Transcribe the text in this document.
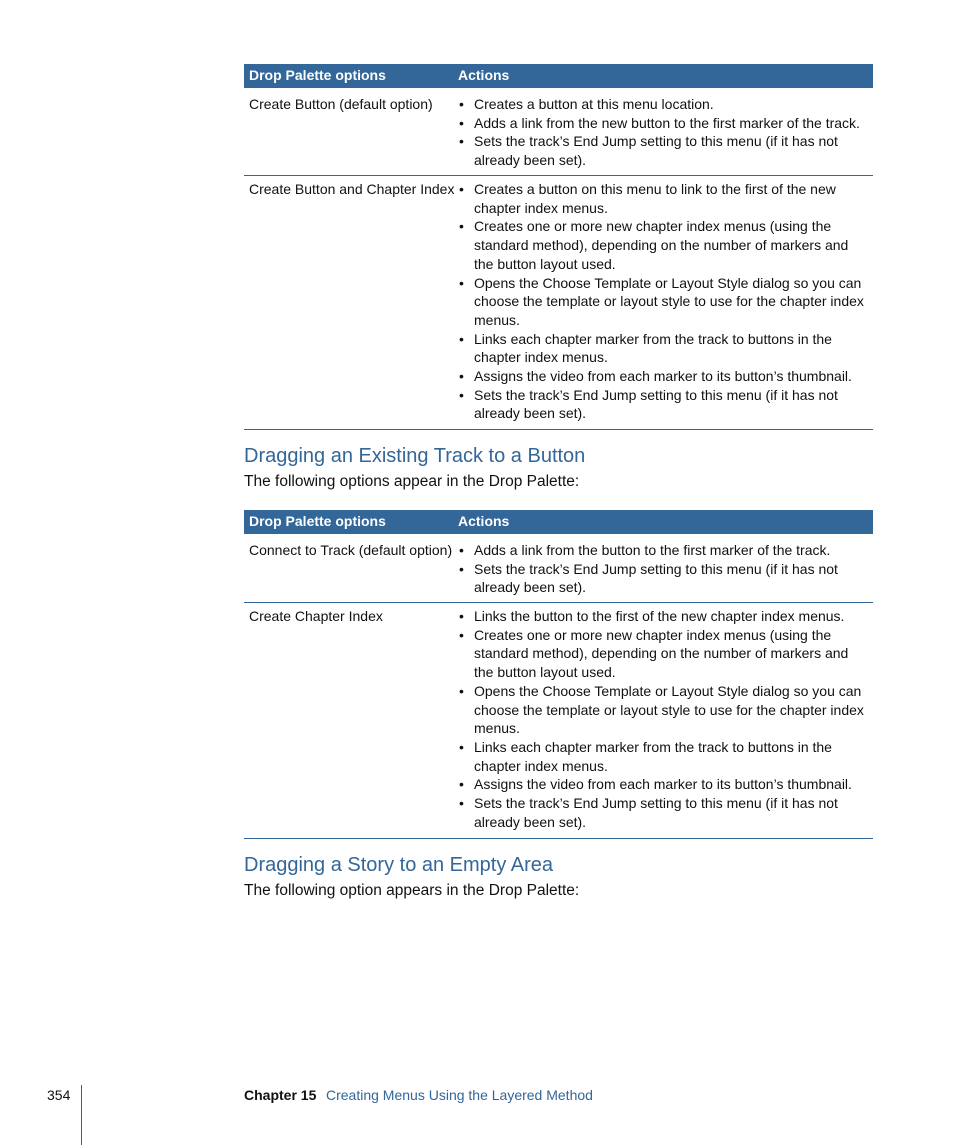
Drop Palette options	Actions
Create Button (default option) • Creates a button at this menu location.
• Adds a link from the new button to the first marker of the track.
• Sets the track’s End Jump setting to this menu (if it has not
already been set).
Create Button and Chapter Index • Creates a button on this menu to link to the first of the new
chapter index menus.
• Creates one or more new chapter index menus (using the
standard method), depending on the number of markers and
the button layout used.
• Opens the Choose Template or Layout Style dialog so you can
choose the template or layout style to use for the chapter index
menus.
• Links each chapter marker from the track to buttons in the
chapter index menus.
• Assigns the video from each marker to its button’s thumbnail.
• Sets the track’s End Jump setting to this menu (if it has not
already been set).
Dragging an Existing Track to a Button
The following options appear in the Drop Palette:
Drop Palette options	Actions
Connect to Track (default option) • Adds a link from the button to the first marker of the track.
• Sets the track’s End Jump setting to this menu (if it has not
already been set).
Create Chapter Index	• Links the button to the first of the new chapter index menus.
• Creates one or more new chapter index menus (using the
standard method), depending on the number of markers and
the button layout used.
• Opens the Choose Template or Layout Style dialog so you can
choose the template or layout style to use for the chapter index
menus.
• Links each chapter marker from the track to buttons in the
chapter index menus.
• Assigns the video from each marker to its button’s thumbnail.
• Sets the track’s End Jump setting to this menu (if it has not
already been set).
Dragging a Story to an Empty Area
The following option appears in the Drop Palette:
354	Chapter 15 Creating Menus Using the Layered Method
